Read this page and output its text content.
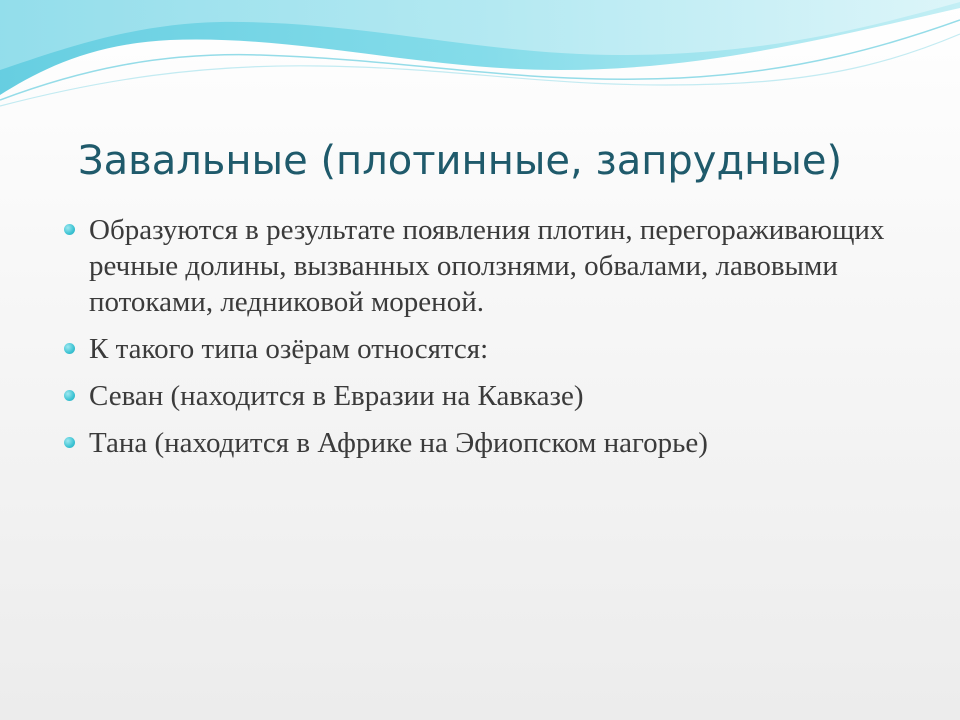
Завальные (плотинные, запрудные)
Образуются в результате появления плотин, перегораживающих речные долины, вызванных оползнями, обвалами, лавовыми потоками, ледниковой мореной.
К такого типа озёрам относятся:
Севан (находится в Евразии на Кавказе)
Тана (находится в Африке на Эфиопском нагорье)
